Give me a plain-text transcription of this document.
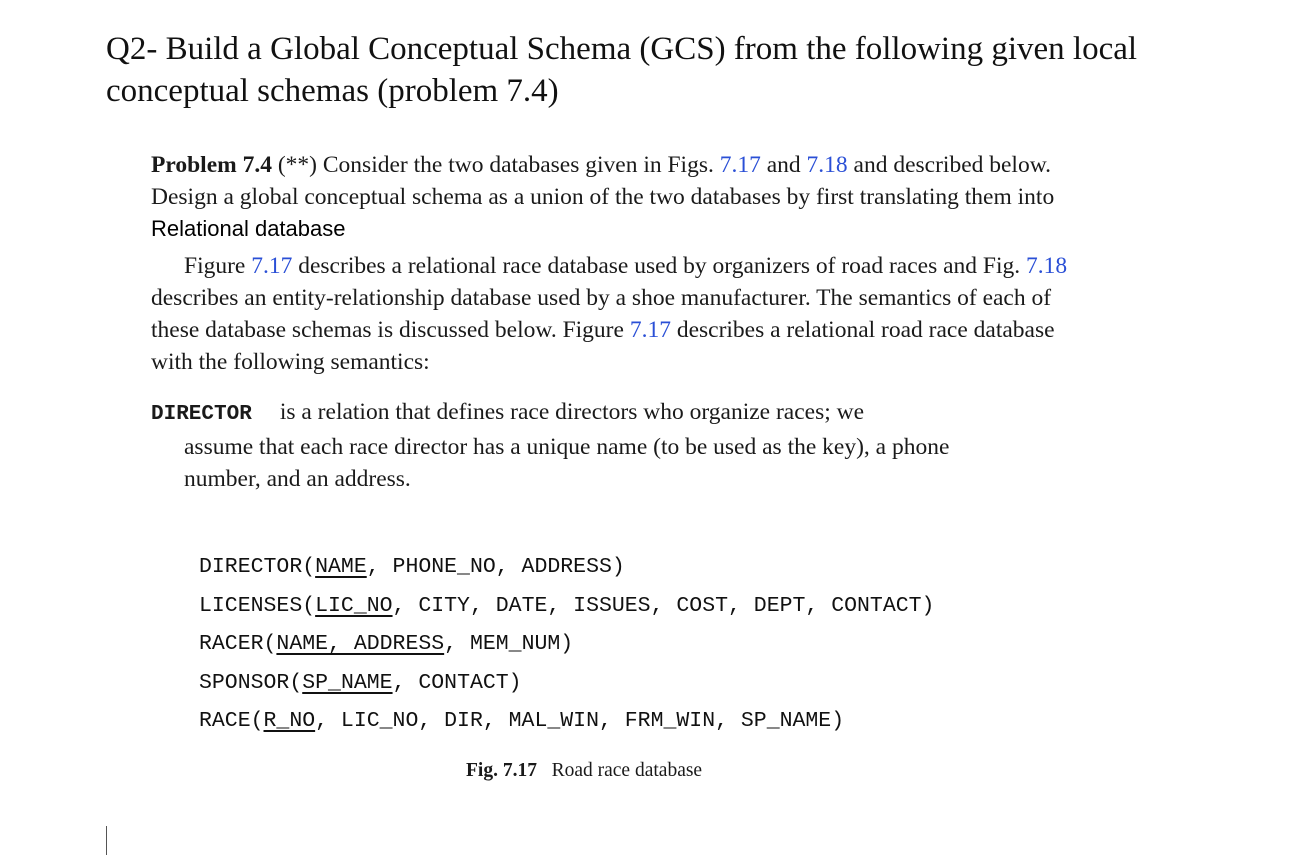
Q2- Build a Global Conceptual Schema (GCS) from the following given local
conceptual schemas (problem 7.4)
Problem 7.4 (**) Consider the two databases given in Figs. 7.17 and 7.18 and described below. Design a global conceptual schema as a union of the two databases by first translating them into Relational database
Figure 7.17 describes a relational race database used by organizers of road races and Fig. 7.18 describes an entity-relationship database used by a shoe manufacturer. The semantics of each of these database schemas is discussed below. Figure 7.17 describes a relational road race database with the following semantics:
DIRECTOR is a relation that defines race directors who organize races; we
assume that each race director has a unique name (to be used as the key), a phone
number, and an address.
DIRECTOR(NAME, PHONE_NO, ADDRESS)
LICENSES(LIC_NO, CITY, DATE, ISSUES, COST, DEPT, CONTACT)
RACER(NAME, ADDRESS, MEM_NUM)
SPONSOR(SP_NAME, CONTACT)
RACE(R_NO, LIC_NO, DIR, MAL_WIN, FRM_WIN, SP_NAME)
Fig. 7.17 Road race database
